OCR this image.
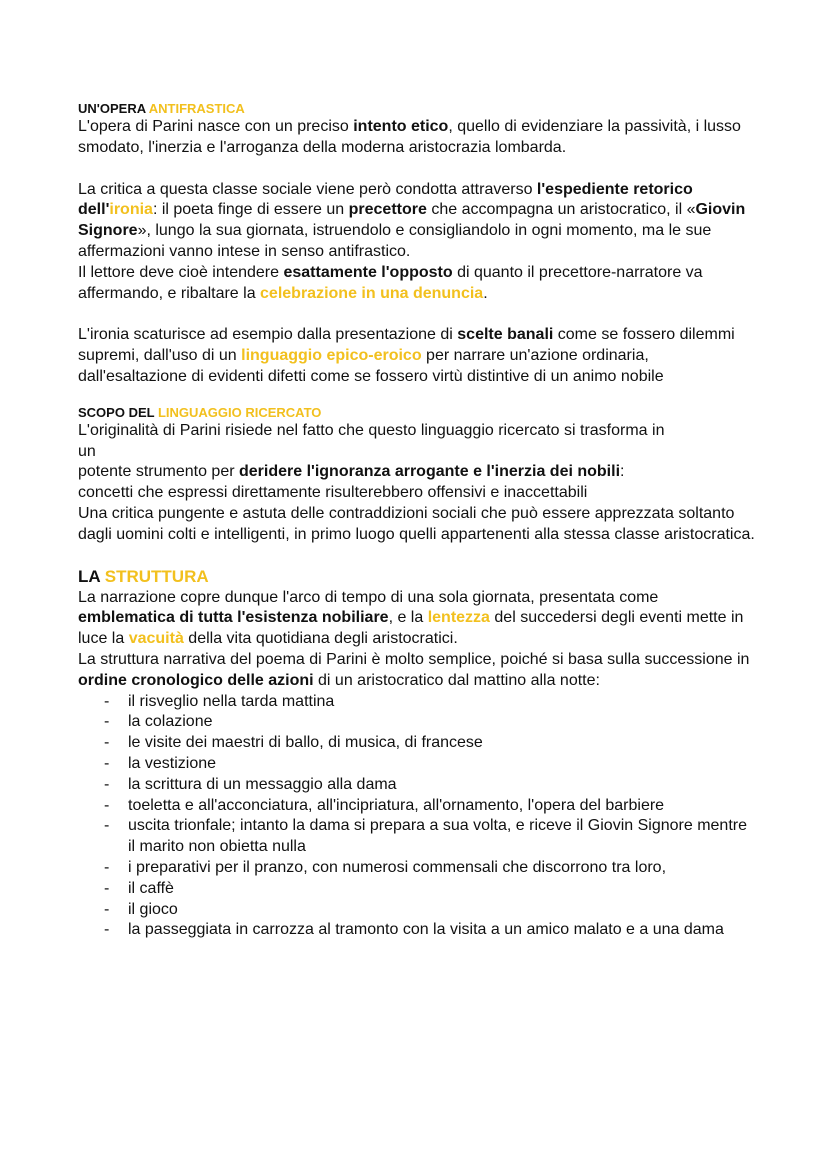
UN'OPERA ANTIFRASTICA

L'opera di Parini nasce con un preciso intento etico, quello di evidenziare la passività, i lusso smodato, l'inerzia e l'arroganza della moderna aristocrazia lombarda.

La critica a questa classe sociale viene però condotta attraverso l'espediente retorico dell'ironia: il poeta finge di essere un precettore che accompagna un aristocratico, il «Giovin Signore», lungo la sua giornata, istruendolo e consigliandolo in ogni momento, ma le sue affermazioni vanno intese in senso antifrastico.

Il lettore deve cioè intendere esattamente l'opposto di quanto il precettore-narratore va affermando, e ribaltare la celebrazione in una denuncia.

L'ironia scaturisce ad esempio dalla presentazione di scelte banali come se fossero dilemmi supremi, dall'uso di un linguaggio epico-eroico per narrare un'azione ordinaria, dall'esaltazione di evidenti difetti come se fossero virtù distintive di un animo nobile

SCOPO DEL LINGUAGGIO RICERCATO

L'originalità di Parini risiede nel fatto che questo linguaggio ricercato si trasforma in
un

potente strumento per deridere l'ignoranza arrogante e l'inerzia dei nobili:

concetti che espressi direttamente risulterebbero offensivi e inaccettabili

Una critica pungente e astuta delle contraddizioni sociali che può essere apprezzata soltanto dagli uomini colti e intelligenti, in primo luogo quelli appartenenti alla stessa classe aristocratica.

LA STRUTTURA

La narrazione copre dunque l'arco di tempo di una sola giornata, presentata come emblematica di tutta l'esistenza nobiliare, e la lentezza del succedersi degli eventi mette in luce la vacuità della vita quotidiana degli aristocratici.

La struttura narrativa del poema di Parini è molto semplice, poiché si basa sulla successione in ordine cronologico delle azioni di un aristocratico dal mattino alla notte:

- il risveglio nella tarda mattina
- la colazione
- le visite dei maestri di ballo, di musica, di francese
- la vestizione
- la scrittura di un messaggio alla dama
- toeletta e all'acconciatura, all'incipriatura, all'ornamento, l'opera del barbiere
- uscita trionfale; intanto la dama si prepara a sua volta, e riceve il Giovin Signore mentre il marito non obietta nulla
- i preparativi per il pranzo, con numerosi commensali che discorrono tra loro,
- il caffè
- il gioco
- la passeggiata in carrozza al tramonto con la visita a un amico malato e a una dama
